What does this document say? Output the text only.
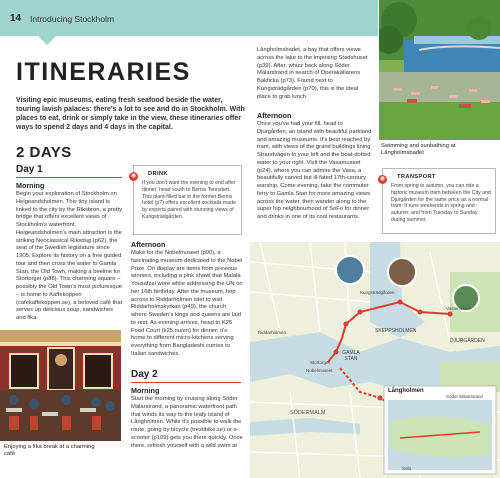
14 Introducing Stockholm
ITINERARIES
Visiting epic museums, eating fresh seafood beside the water, touring lavish palaces: there's a lot to see and do in Stockholm. With places to eat, drink or simply take in the view, these itineraries offer ways to spend 2 days and 4 days in the capital.
◉	DRINK
If you don't want the evening to end after dinner, head south to Bemis Tennstert. This plant-filled bar in the former Bemis hotel (p?) offers excellent cocktails made by experts paired with stunning views of Kungsträdgården.
◉	TRANSPORT
From spring to autumn, you can ride a historic museum tram between the City and Djurgården for the same price as a normal tram. It runs weekends in spring and autumn, and from Tuesday to Sunday during summer.
2 DAYS
Day 1
Morning
Begin your exploration of Stockholm on Helgeandsholmen. This tiny island is linked to the city by the Riksbron, a pretty bridge that offers excellent views of Stockholm's waterfront. Helgeandsholmen's main attraction is the striking Neoclassical Riksdag (p62), the seat of the Swedish legislature since 1905. Explore its history on a free guided tour and then cross the water to Gamla Stan, the Old Town, making a beeline for Stortorget (p88). This charming square – possibly the Old Town's most picturesque – is home to Kaffekoppen (cafekaffekoppen.se), a beloved café that serves up delicious soup, sandwiches and fika.
Afternoon
Make for the Nobelmuseet (p90), a fascinating museum dedicated to the Nobel Prize. On display are items from previous winners, including a pink shawl that Malala Yousafzai wore while addressing the UN on her 16th birthday. After the museum, hop across to Riddarholmen islet to visit Riddarholmskyrkan (p49), the church where Sweden's kings and queens are laid to rest. As evening arrives, head to K25 Food Court (k25.nu/en) for dinner; it's home to different micro-kitchens serving everything from Bangladeshi curries to Italian sandwiches.
Day 2
Morning
Start the morning by cruising along Söder Mälarstrand, a panoramic waterfront path that winds its way to the leafy island of Långholmen. While it's possible to walk the route, going by bicycle (trestibike.se) or e-scooter (p109) gets you there quickly. Once there, refresh yourself with a wild swim at
Långholmsbadet, a bay that offers views across the lake to the imposing Stadshuset (p39). After, whizz back along Söder Mälarstrand in search of Operakällarens Bakficka (p73). Found next to Kungsträdgården (p70), this is the ideal place to grab lunch.
Afternoon
Once you've had your fill, head to Djurgården, an island with beautiful parkland and amazing museums. It's best reached by tram, with views of the grand buildings lining Strandvägen to your left and the boat-dotted water to your right. Visit the Vasamuseet (p24), where you can admire the Vasa, a beautifully carved but ill-fated 17th-century warship. Come evening, take the commuter ferry to Gamla Stan for more amazing views across the water, then wander along to the super hip neighbourhood of SoFo for dinner and drinks in one of its cool restaurants.
Swimming and sunbathing at Långholmsbadet
Enjoying a fika break at a charming café
GAMLA STAN
SKEPPSHOLMEN
DJURGÅRDEN
SÖDERMALM
Långholmen
Riddarholmen
Kungsträdgården
Stortorget
Nobelmuseet
Vasamuseet
Söder Mälarstrand
Sofo
